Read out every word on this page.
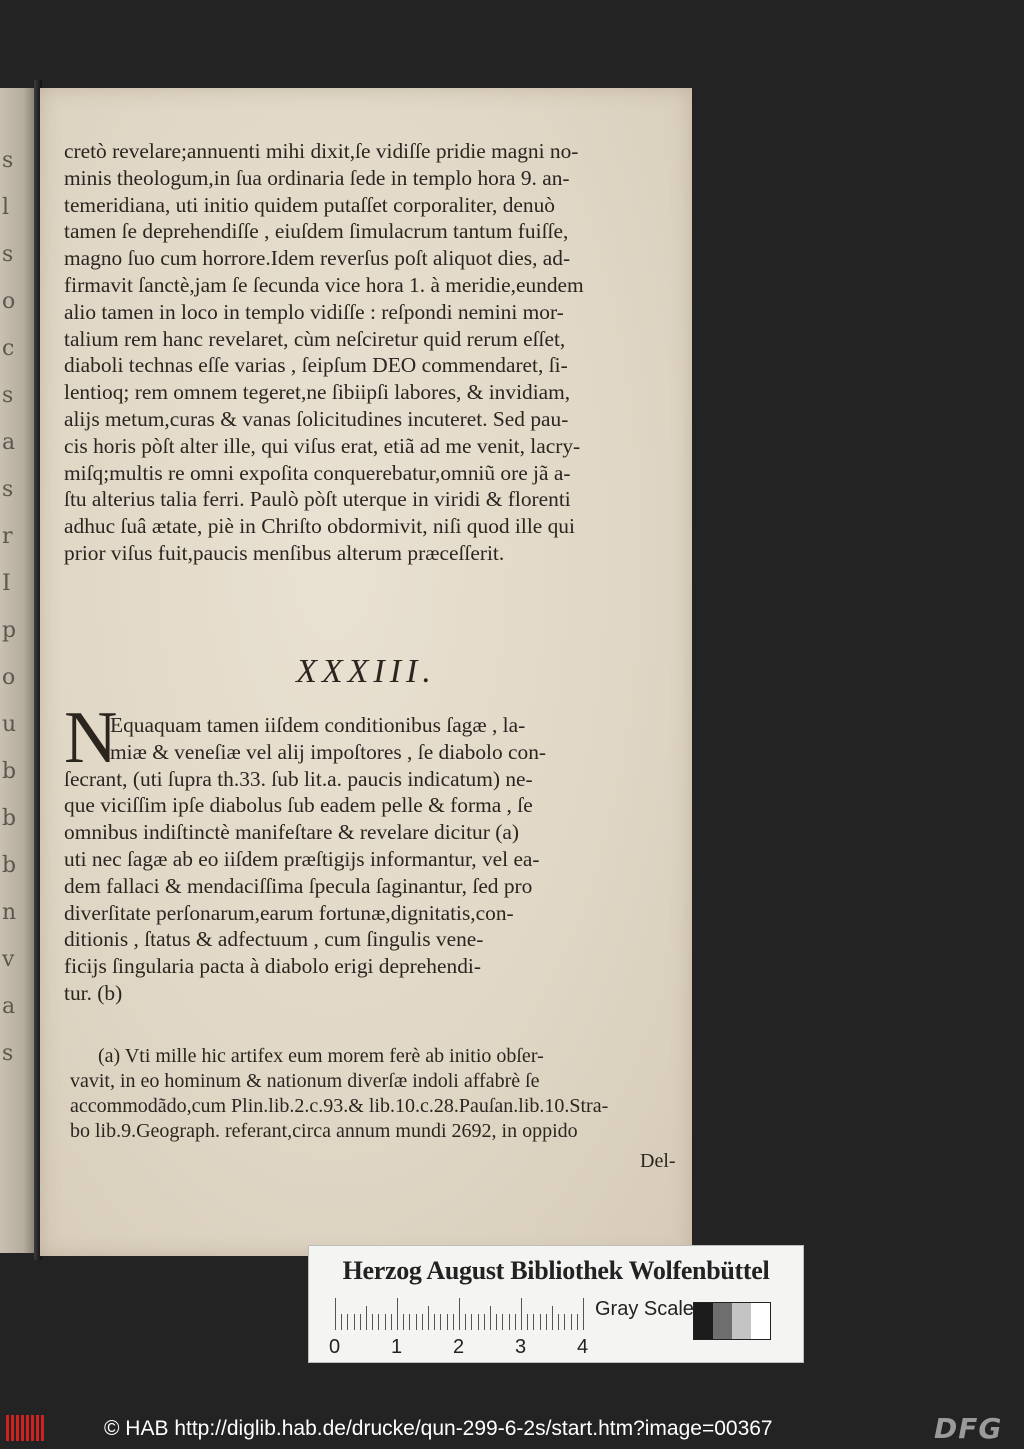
s
l
s
o
c
s
a
s
r
I
p
o
u
b
b
b
n
v
a
s
cretò revelare;annuenti mihi dixit,ſe vidiſſe pridie magni no-
minis theologum,in ſua ordinaria ſede in templo hora 9. an-
temeridiana, uti initio quidem putaſſet corporaliter, denuò
tamen ſe deprehendiſſe , eiuſdem ſimulacrum tantum fuiſſe,
magno ſuo cum horrore.Idem reverſus poſt aliquot dies, ad-
firmavit ſanctè,jam ſe ſecunda vice hora 1. à meridie,eundem
alio tamen in loco in templo vidiſſe : reſpondi nemini mor-
talium rem hanc revelaret, cùm neſciretur quid rerum eſſet,
diaboli technas eſſe varias , ſeipſum DEO commendaret, ſi-
lentioq; rem omnem tegeret,ne ſibiipſi labores, & invidiam,
alijs metum,curas & vanas ſolicitudines incuteret. Sed pau-
cis horis pòſt alter ille, qui viſus erat, etiã ad me venit, lacry-
miſq;multis re omni expoſita conquerebatur,omniũ ore jã a-
ſtu alterius talia ferri. Paulò pòſt uterque in viridi & florenti
adhuc ſuâ ætate, piè in Chriſto obdormivit, niſi quod ille qui
prior viſus fuit,paucis menſibus alterum præceſſerit.
XXXIII.
N
Equaquam tamen iiſdem conditionibus ſagæ , la-
miæ & veneſiæ vel alij impoſtores , ſe diabolo con-
ſecrant, (uti ſupra th.33. ſub lit.a. paucis indicatum) ne-
que viciſſim ipſe diabolus ſub eadem pelle & forma , ſe
omnibus indiſtinctè manifeſtare & revelare dicitur (a)
uti nec ſagæ ab eo iiſdem præſtigijs informantur, vel ea-
dem fallaci & mendaciſſima ſpecula ſaginantur, ſed pro
diverſitate perſonarum,earum fortunæ,dignitatis,con-
ditionis , ſtatus & adfectuum , cum ſingulis vene-
ficijs ſingularia pacta à diabolo erigi deprehendi-
tur. (b)
(a) Vti mille hic artifex eum morem ferè ab initio obſer-
vavit, in eo hominum & nationum diverſæ indoli affabrè ſe
accommodãdo,cum Plin.lib.2.c.93.& lib.10.c.28.Pauſan.lib.10.Stra-
bo lib.9.Geograph. referant,circa annum mundi 2692, in oppido
Del-
Herzog August Bibliothek Wolfenbüttel
0	1	2	3	4
Gray Scale
© HAB http://diglib.hab.de/drucke/qun-299-6-2s/start.htm?image=00367	DFG
